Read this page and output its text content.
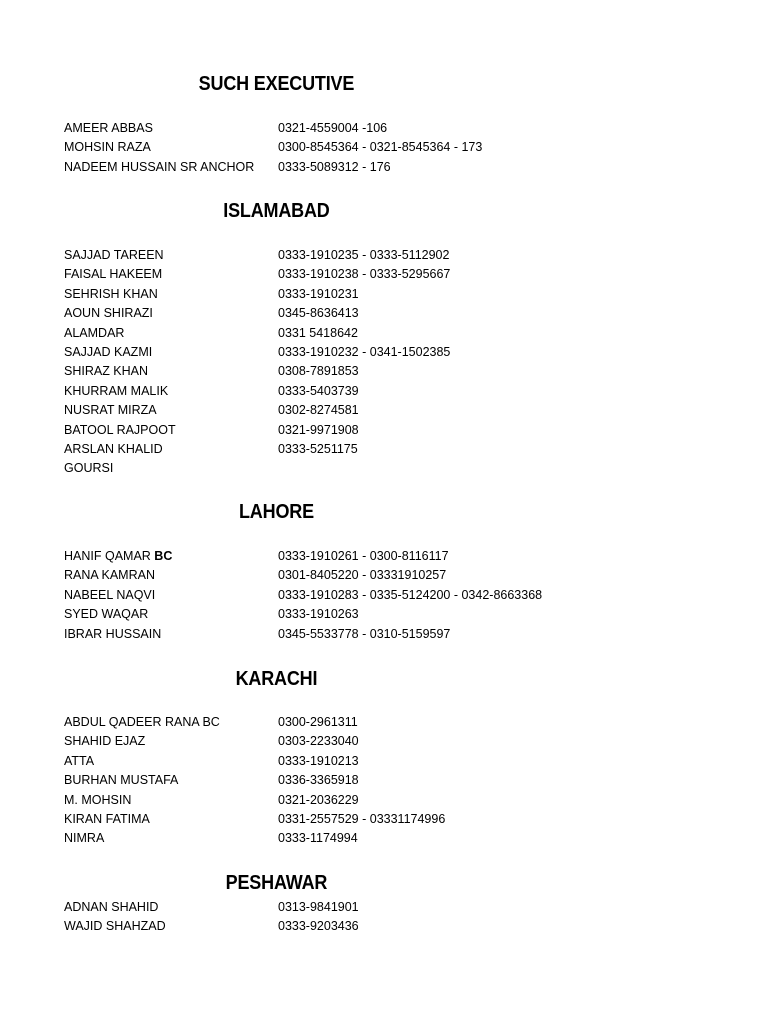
SUCH EXECUTIVE
AMEER ABBAS	0321-4559004 -106
MOHSIN RAZA	0300-8545364 - 0321-8545364 - 173
NADEEM HUSSAIN SR ANCHOR 0333-5089312 - 176
ISLAMABAD
SAJJAD TAREEN	0333-1910235 - 0333-5112902
FAISAL HAKEEM	0333-1910238 - 0333-5295667
SEHRISH KHAN	0333-1910231
AOUN SHIRAZI	0345-8636413
ALAMDAR	0331 5418642
SAJJAD KAZMI	0333-1910232 - 0341-1502385
SHIRAZ KHAN	0308-7891853
KHURRAM MALIK	0333-5403739
NUSRAT MIRZA	0302-8274581
BATOOL RAJPOOT	0321-9971908
ARSLAN KHALID	0333-5251175
GOURSI
LAHORE
HANIF QAMAR BC	0333-1910261 - 0300-8116117
RANA KAMRAN	0301-8405220 - 03331910257
NABEEL NAQVI	0333-1910283 - 0335-5124200 - 0342-8663368
SYED WAQAR	0333-1910263
IBRAR HUSSAIN	0345-5533778 - 0310-5159597
KARACHI
ABDUL QADEER RANA BC	0300-2961311
SHAHID EJAZ	0303-2233040
ATTA	0333-1910213
BURHAN MUSTAFA	0336-3365918
M. MOHSIN	0321-2036229
KIRAN FATIMA	0331-2557529 - 03331174996
NIMRA	0333-1174994
PESHAWAR
ADNAN SHAHID	0313-9841901
WAJID SHAHZAD	0333-9203436
